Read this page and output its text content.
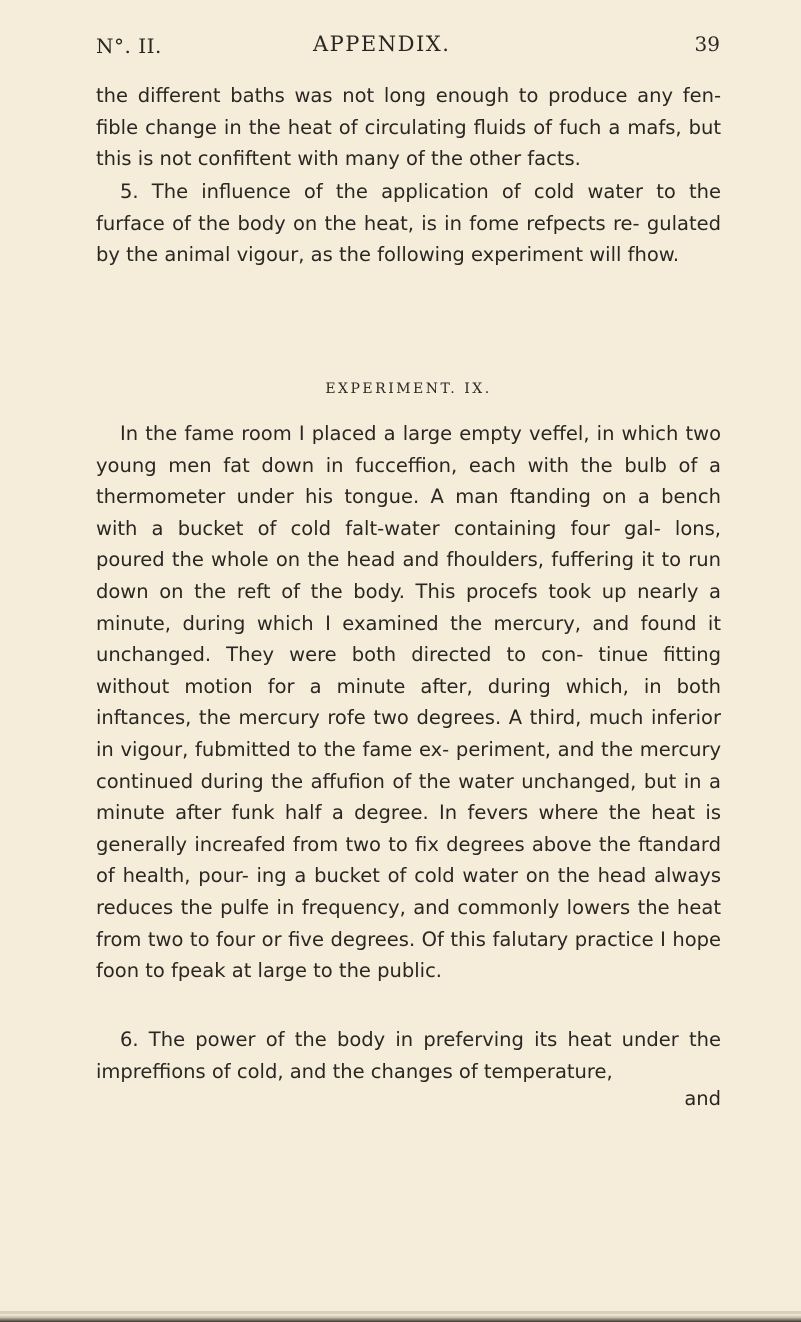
N°. II.	APPENDIX.	39
the different baths was not long enough to produce any fen- fible change in the heat of circulating fluids of fuch a mafs, but this is not confiftent with many of the other facts.
5. The influence of the application of cold water to the furface of the body on the heat, is in fome refpects re- gulated by the animal vigour, as the following experiment will fhow.
EXPERIMENT. IX.
In the fame room I placed a large empty veffel, in which two young men fat down in fucceffion, each with the bulb of a thermometer under his tongue. A man ftanding on a bench with a bucket of cold falt-water containing four gal- lons, poured the whole on the head and fhoulders, fuffering it to run down on the reft of the body. This procefs took up nearly a minute, during which I examined the mercury, and found it unchanged. They were both directed to con- tinue fitting without motion for a minute after, during which, in both inftances, the mercury rofe two degrees. A third, much inferior in vigour, fubmitted to the fame ex- periment, and the mercury continued during the affufion of the water unchanged, but in a minute after funk half a degree. In fevers where the heat is generally increafed from two to fix degrees above the ftandard of health, pour- ing a bucket of cold water on the head always reduces the pulfe in frequency, and commonly lowers the heat from two to four or five degrees. Of this falutary practice I hope foon to fpeak at large to the public.
6. The power of the body in preferving its heat under the impreffions of cold, and the changes of temperature,
and
